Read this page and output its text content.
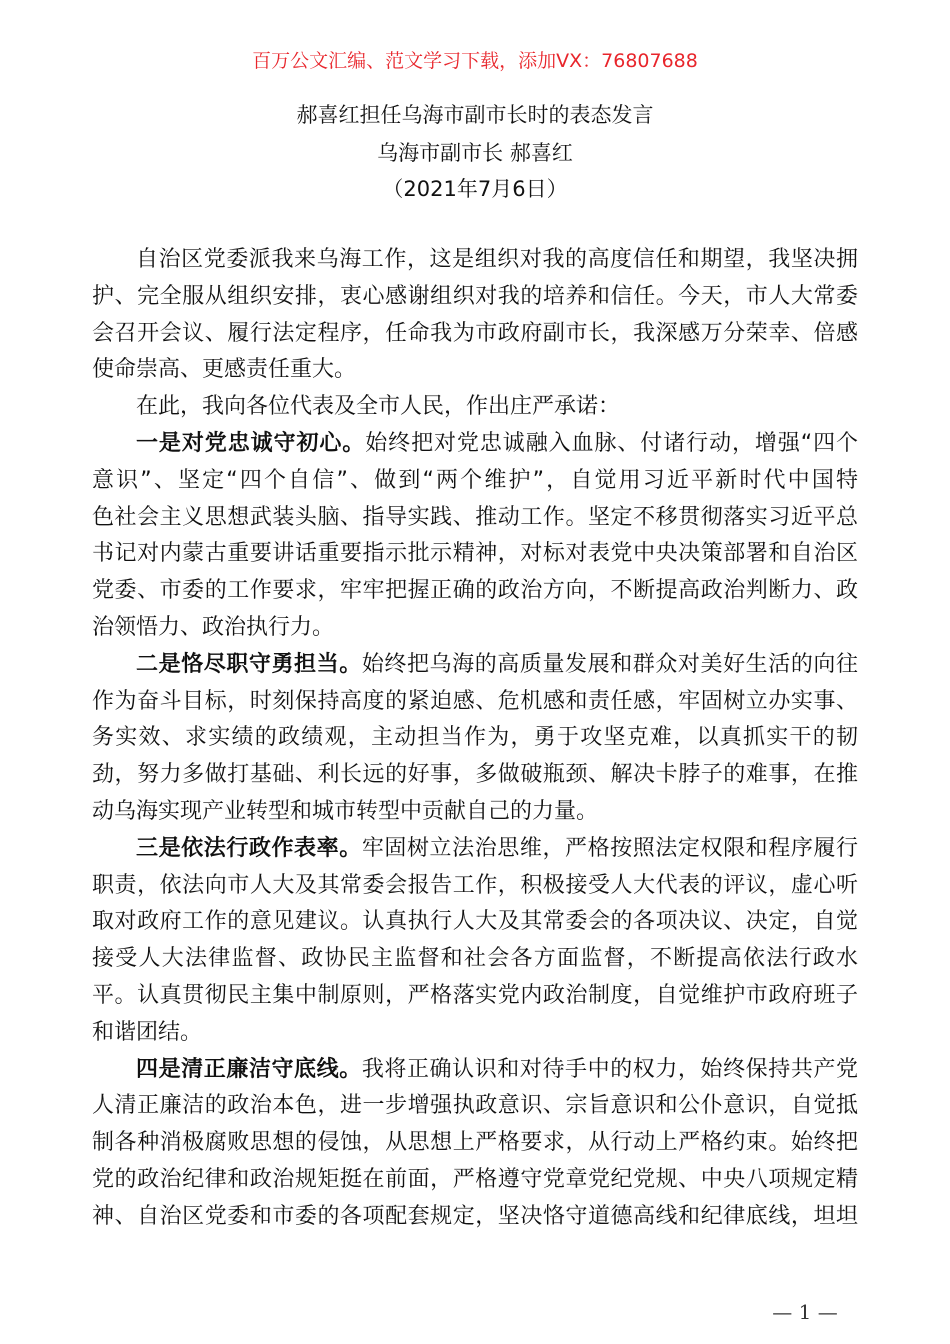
百万公文汇编、范文学习下载，添加VX：76807688
郝喜红担任乌海市副市长时的表态发言
乌海市副市长 郝喜红
（2021年7月6日）
自治区党委派我来乌海工作，这是组织对我的高度信任和期望，我坚决拥
护、完全服从组织安排，衷心感谢组织对我的培养和信任。今天，市人大常委
会召开会议、履行法定程序，任命我为市政府副市长，我深感万分荣幸、倍感
使命崇高、更感责任重大。
在此，我向各位代表及全市人民，作出庄严承诺：
一是对党忠诚守初心。始终把对党忠诚融入血脉、付诸行动，增强“四个
意识”、坚定“四个自信”、做到“两个维护”，自觉用习近平新时代中国特
色社会主义思想武装头脑、指导实践、推动工作。坚定不移贯彻落实习近平总
书记对内蒙古重要讲话重要指示批示精神，对标对表党中央决策部署和自治区
党委、市委的工作要求，牢牢把握正确的政治方向，不断提高政治判断力、政
治领悟力、政治执行力。
二是恪尽职守勇担当。始终把乌海的高质量发展和群众对美好生活的向往
作为奋斗目标，时刻保持高度的紧迫感、危机感和责任感，牢固树立办实事、
务实效、求实绩的政绩观，主动担当作为，勇于攻坚克难，以真抓实干的韧
劲，努力多做打基础、利长远的好事，多做破瓶颈、解决卡脖子的难事，在推
动乌海实现产业转型和城市转型中贡献自己的力量。
三是依法行政作表率。牢固树立法治思维，严格按照法定权限和程序履行
职责，依法向市人大及其常委会报告工作，积极接受人大代表的评议，虚心听
取对政府工作的意见建议。认真执行人大及其常委会的各项决议、决定，自觉
接受人大法律监督、政协民主监督和社会各方面监督，不断提高依法行政水
平。认真贯彻民主集中制原则，严格落实党内政治制度，自觉维护市政府班子
和谐团结。
四是清正廉洁守底线。我将正确认识和对待手中的权力，始终保持共产党
人清正廉洁的政治本色，进一步增强执政意识、宗旨意识和公仆意识，自觉抵
制各种消极腐败思想的侵蚀，从思想上严格要求，从行动上严格约束。始终把
党的政治纪律和政治规矩挺在前面，严格遵守党章党纪党规、中央八项规定精
神、自治区党委和市委的各项配套规定，坚决恪守道德高线和纪律底线，坦坦
— 1 —
